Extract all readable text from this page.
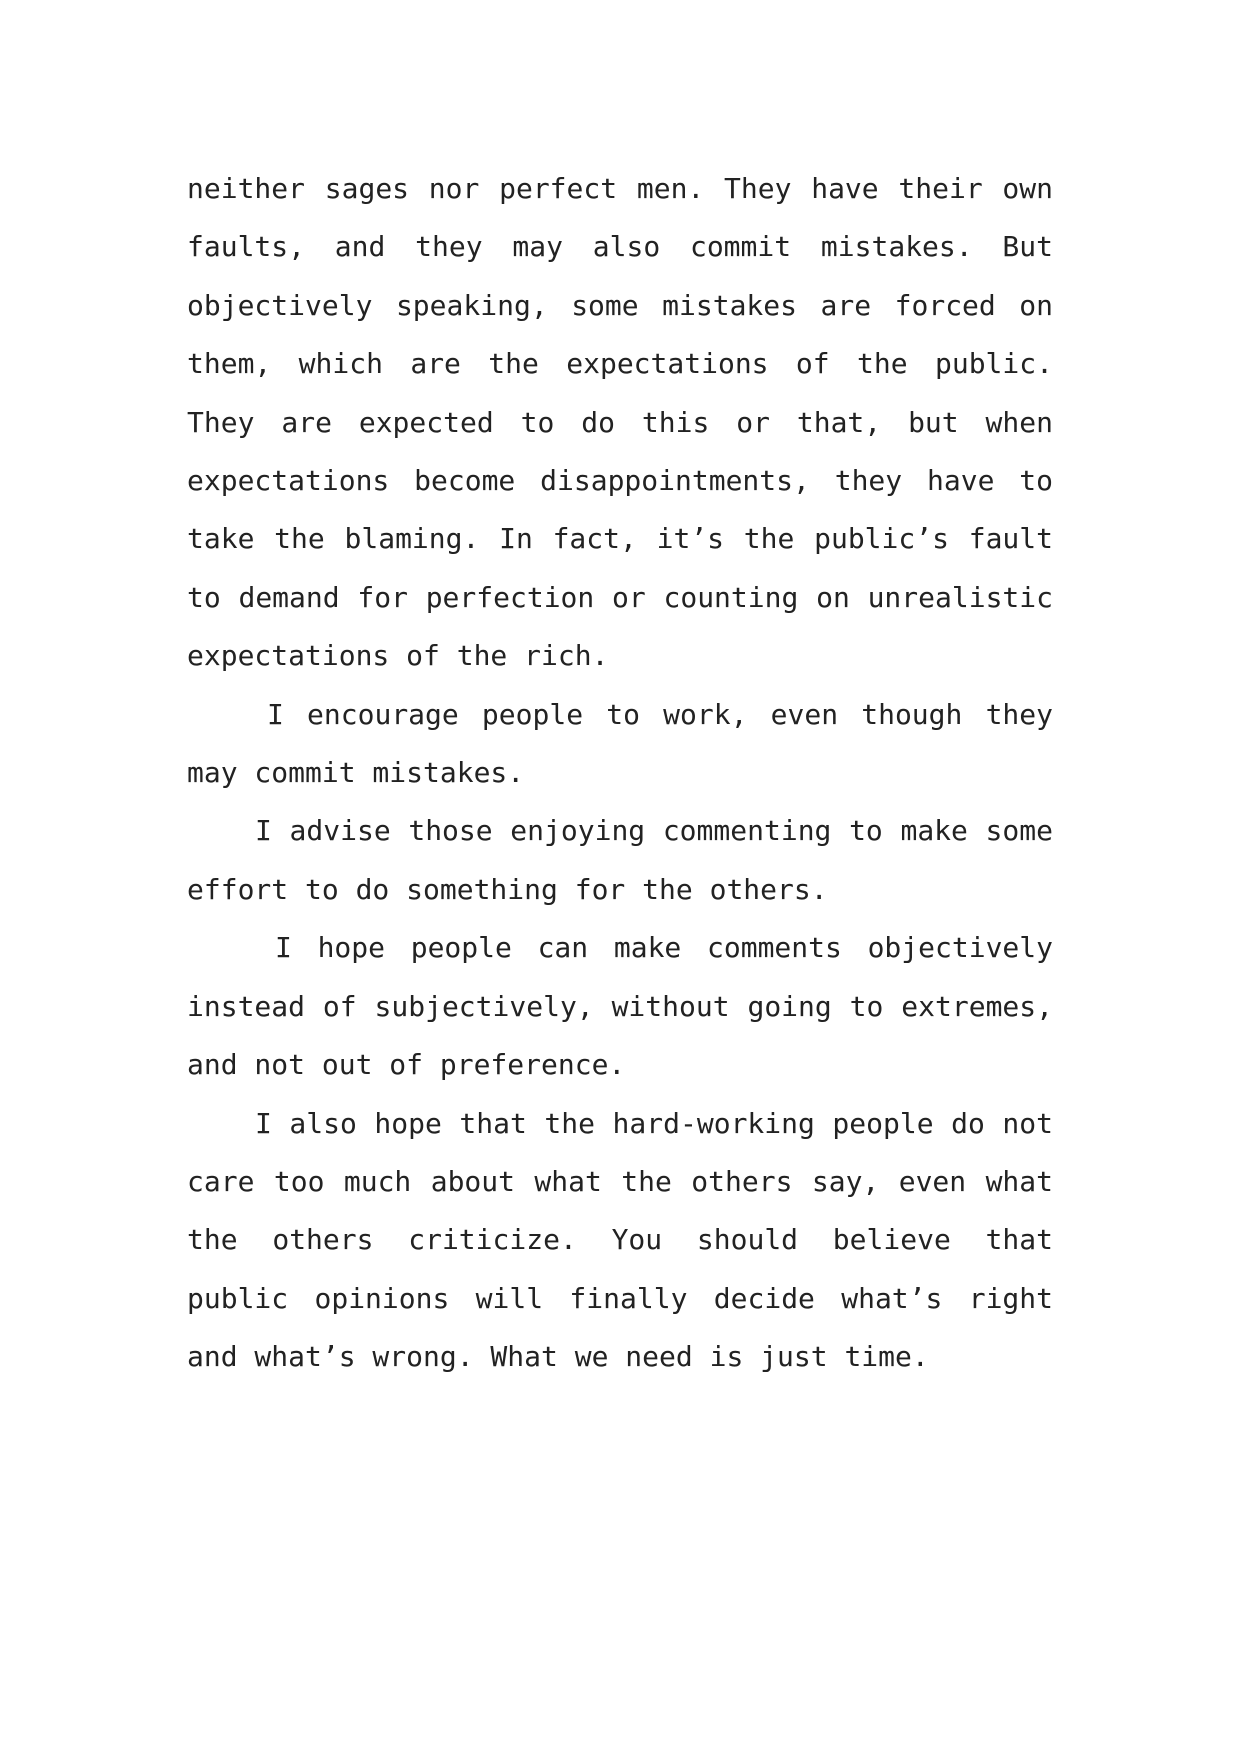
neither sages nor perfect men. They have their own faults, and they may also commit mistakes. But objectively speaking, some mistakes are forced on them, which are the expectations of the public. They are expected to do this or that, but when expectations become disappointments, they have to take the blaming. In fact, it’s the public’s fault to demand for perfection or counting on unrealistic expectations of the rich.

I encourage people to work, even though they may commit mistakes.

I advise those enjoying commenting to make some effort to do something for the others.

I hope people can make comments objectively instead of subjectively, without going to extremes, and not out of preference.

I also hope that the hard-working people do not care too much about what the others say, even what the others criticize. You should believe that public opinions will finally decide what’s right and what’s wrong. What we need is just time.
